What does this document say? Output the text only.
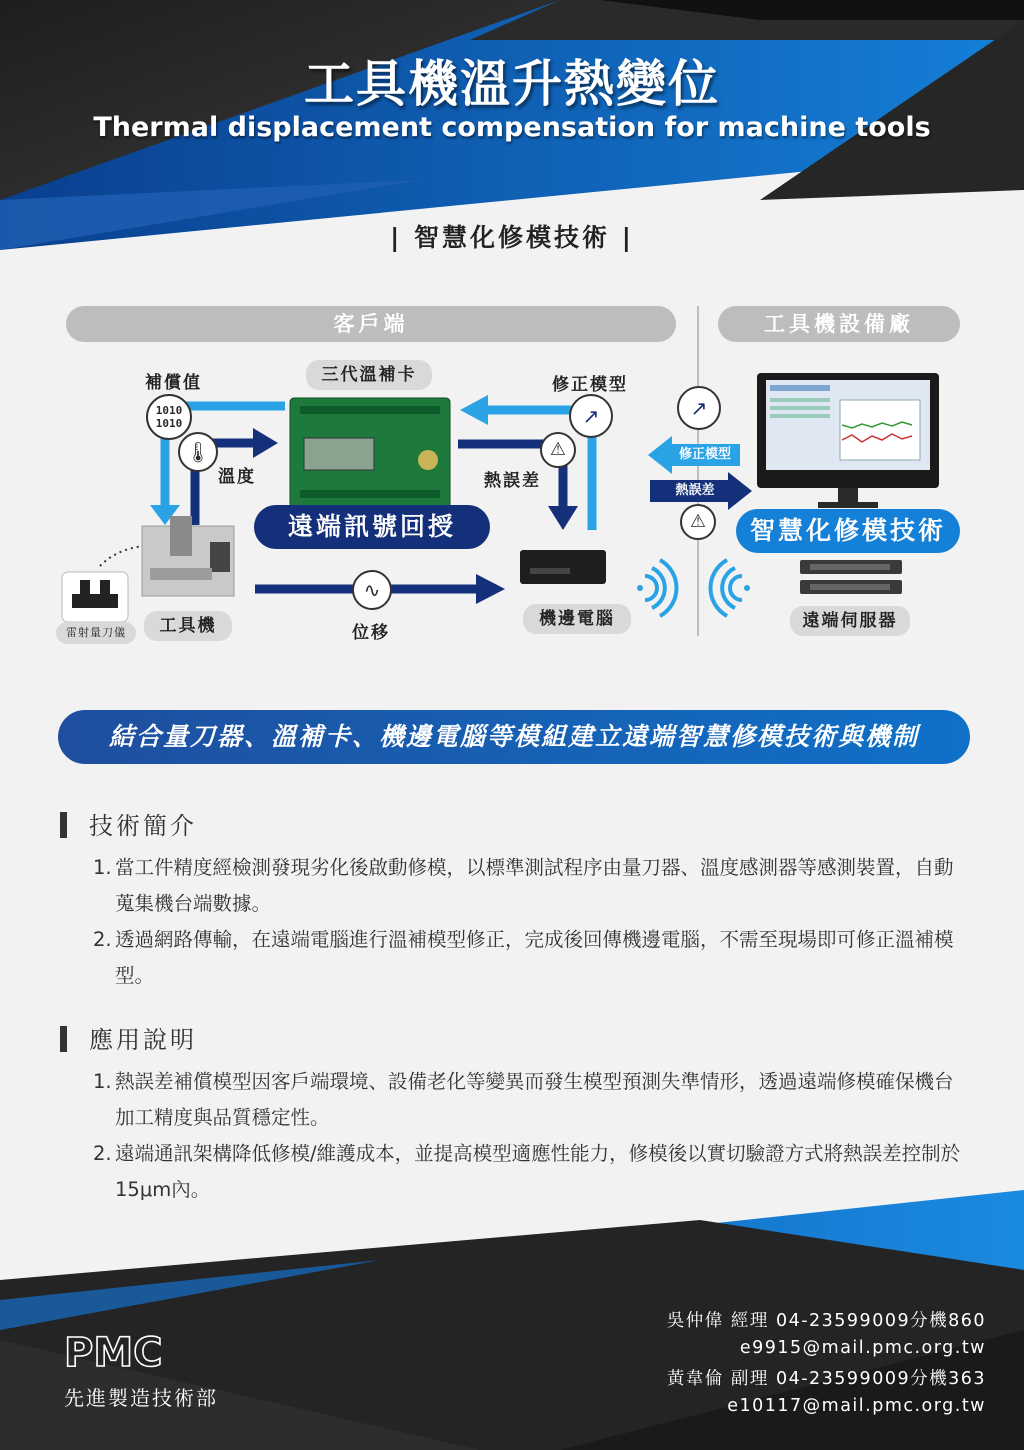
工具機溫升熱變位
Thermal displacement compensation for machine tools
| 智慧化修模技術 |
客戶端	工具機設備廠
1010
1010
🌡
↗	↗
⚠
⚠
∿
補償值	三代溫補卡	修正模型
溫度	熱誤差
遠端訊號回授
修正模型
熱誤差
智慧化修模技術
雷射量刀儀	工具機	位移
機邊電腦	遠端伺服器
結合量刀器、溫補卡、機邊電腦等模組建立遠端智慧修模技術與機制
技術簡介
1. 當工件精度經檢測發現劣化後啟動修模，以標準測試程序由量刀器、溫度感測器等感測裝置，自動蒐集機台端數據。
2. 透過網路傳輸，在遠端電腦進行溫補模型修正，完成後回傳機邊電腦，不需至現場即可修正溫補模型。
應用說明
1. 熱誤差補償模型因客戶端環境、設備老化等變異而發生模型預測失準情形，透過遠端修模確保機台加工精度與品質穩定性。
2. 遠端通訊架構降低修模/維護成本，並提高模型適應性能力，修模後以實切驗證方式將熱誤差控制於15μm內。
PMC
先進製造技術部
吳仲偉 經理 04-23599009分機860
e9915@mail.pmc.org.tw
黃韋倫 副理 04-23599009分機363
e10117@mail.pmc.org.tw
